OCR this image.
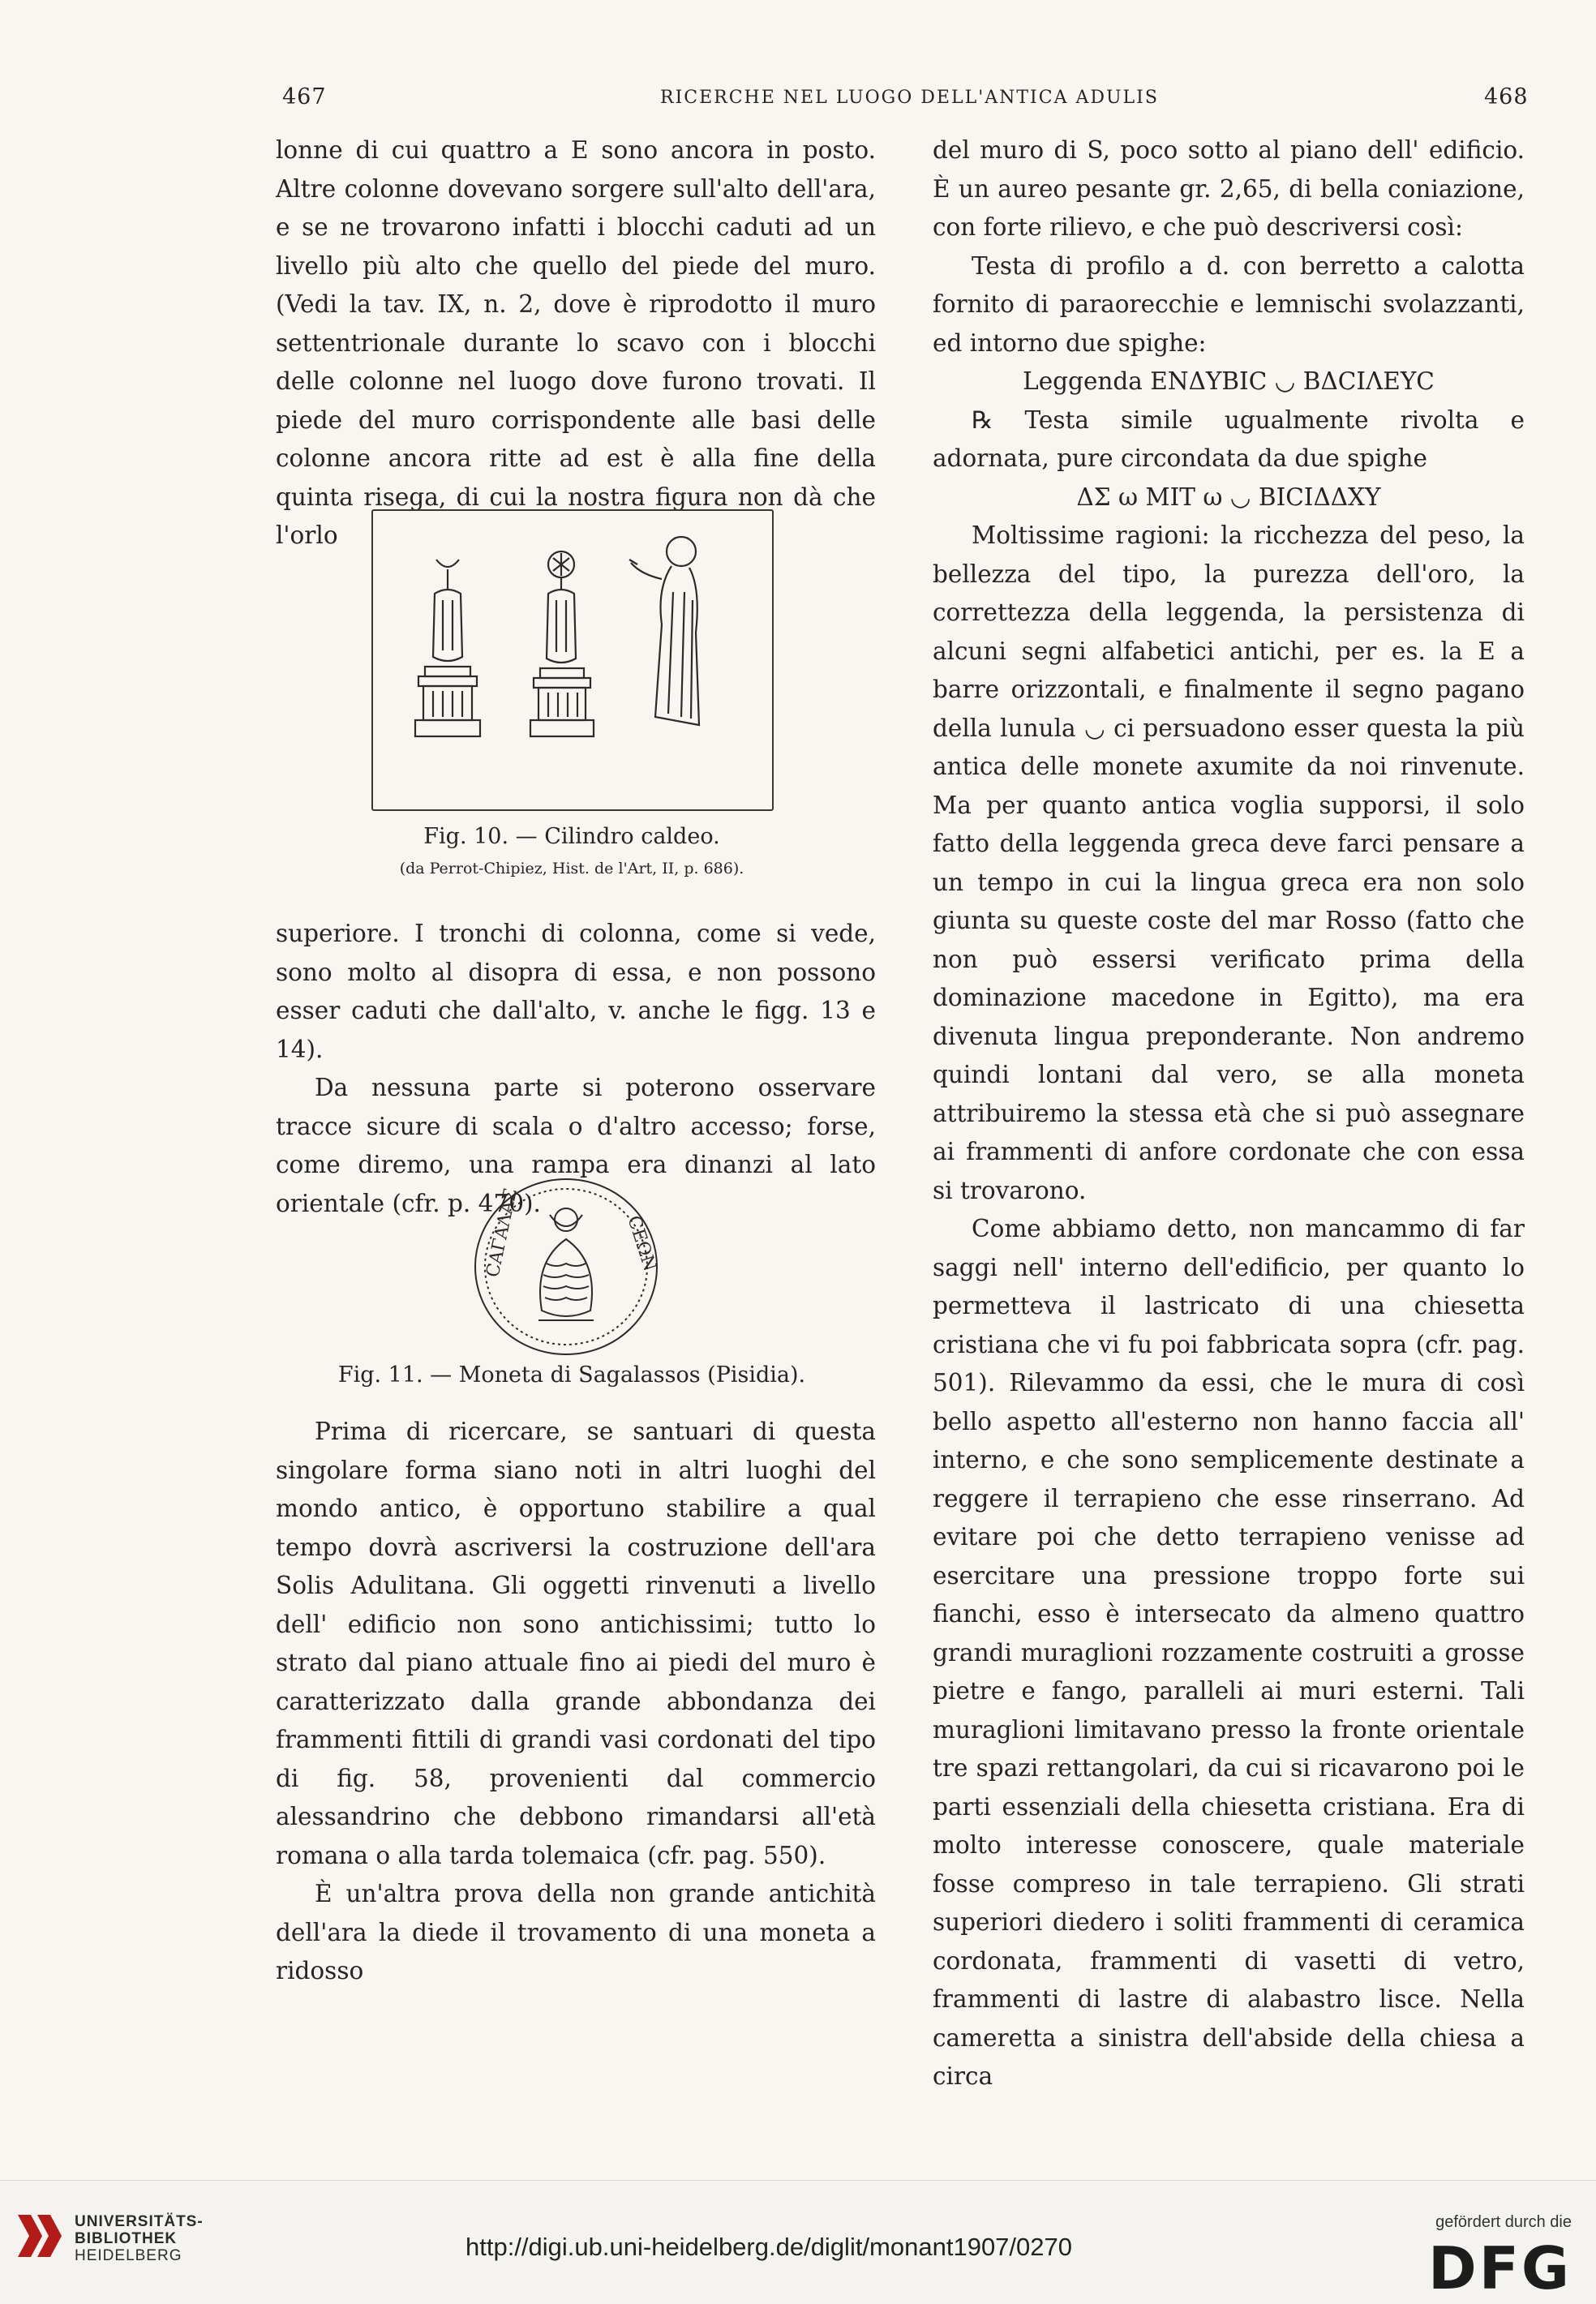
467	RICERCHE NEL LUOGO DELL'ANTICA ADULIS	468

lonne di cui quattro a E sono ancora in posto. Altre colonne dovevano sorgere sull'alto dell'ara, e se ne trovarono infatti i blocchi caduti ad un livello più alto che quello del piede del muro. (Vedi la tav. IX, n. 2, dove è riprodotto il muro settentrionale durante lo scavo con i blocchi delle colonne nel luogo dove furono trovati. Il piede del muro corrispondente alle basi delle colonne ancora ritte ad est è alla fine della quinta risega, di cui la nostra figura non dà che l'orlo

Fig. 10. — Cilindro caldeo.
(da Perrot-Chipiez, Hist. de l'Art, II, p. 686).

superiore. I tronchi di colonna, come si vede, sono molto al disopra di essa, e non possono esser caduti che dall'alto, v. anche le figg. 13 e 14).

Da nessuna parte si poterono osservare tracce sicure di scala o d'altro accesso; forse, come diremo, una rampa era dinanzi al lato orientale (cfr. p. 470).

CΑΓΑΛΑΣ	CΕΩΝ
Fig. 11. — Moneta di Sagalassos (Pisidia).

Prima di ricercare, se santuari di questa singolare forma siano noti in altri luoghi del mondo antico, è opportuno stabilire a qual tempo dovrà ascriversi la costruzione dell'ara Solis Adulitana. Gli oggetti rinvenuti a livello dell' edificio non sono antichissimi; tutto lo strato dal piano attuale fino ai piedi del muro è caratterizzato dalla grande abbondanza dei frammenti fittili di grandi vasi cordonati del tipo di fig. 58, provenienti dal commercio alessandrino che debbono rimandarsi all'età romana o alla tarda tolemaica (cfr. pag. 550).

È un'altra prova della non grande antichità dell'ara la diede il trovamento di una moneta a ridosso

del muro di S, poco sotto al piano dell' edificio. È un aureo pesante gr. 2,65, di bella coniazione, con forte rilievo, e che può descriversi così:

Testa di profilo a d. con berretto a calotta fornito di paraorecchie e lemnischi svolazzanti, ed intorno due spighe:

Leggenda ΕΝΔΥΒΙϹ ◡ ΒΔϹΙΛΕΥϹ

℞ Testa simile ugualmente rivolta e adornata, pure circondata da due spighe

ΔΣ ω ΜΙΤ ω ◡ ΒΙϹΙΔΔΧΥ

Moltissime ragioni: la ricchezza del peso, la bellezza del tipo, la purezza dell'oro, la correttezza della leggenda, la persistenza di alcuni segni alfabetici antichi, per es. la E a barre orizzontali, e finalmente il segno pagano della lunula ◡ ci persuadono esser questa la più antica delle monete axumite da noi rinvenute. Ma per quanto antica voglia supporsi, il solo fatto della leggenda greca deve farci pensare a un tempo in cui la lingua greca era non solo giunta su queste coste del mar Rosso (fatto che non può essersi verificato prima della dominazione macedone in Egitto), ma era divenuta lingua preponderante. Non andremo quindi lontani dal vero, se alla moneta attribuiremo la stessa età che si può assegnare ai frammenti di anfore cordonate che con essa si trovarono.

Come abbiamo detto, non mancammo di far saggi nell' interno dell'edificio, per quanto lo permetteva il lastricato di una chiesetta cristiana che vi fu poi fabbricata sopra (cfr. pag. 501). Rilevammo da essi, che le mura di così bello aspetto all'esterno non hanno faccia all' interno, e che sono semplicemente destinate a reggere il terrapieno che esse rinserrano. Ad evitare poi che detto terrapieno venisse ad esercitare una pressione troppo forte sui fianchi, esso è intersecato da almeno quattro grandi muraglioni rozzamente costruiti a grosse pietre e fango, paralleli ai muri esterni. Tali muraglioni limitavano presso la fronte orientale tre spazi rettangolari, da cui si ricavarono poi le parti essenziali della chiesetta cristiana. Era di molto interesse conoscere, quale materiale fosse compreso in tale terrapieno. Gli strati superiori diedero i soliti frammenti di ceramica cordonata, frammenti di vasetti di vetro, frammenti di lastre di alabastro lisce. Nella cameretta a sinistra dell'abside della chiesa a circa

UNIVERSITÄTS-
BIBLIOTHEK
HEIDELBERG	http://digi.ub.uni-heidelberg.de/diglit/monant1907/0270
gefördert durch die
DFG
